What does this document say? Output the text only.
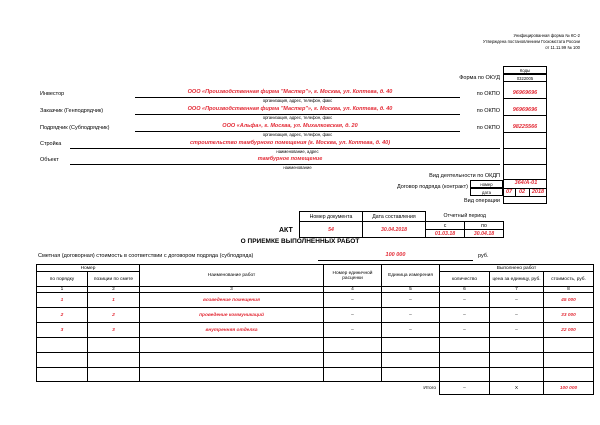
Унифицированная форма № КС-2
Утверждена постановлением Госкомстата России
от 11.11.99 № 100
Коды
Форма по ОКУД	0322005
Инвестор	ООО «Производственная фирма "Мастер"», г. Москва, ул. Коптева, д. 40
организация, адрес, телефон, факс
по ОКПО	96969696
Заказчик (Генподрядчик)	ООО «Производственная фирма "Мастер"», г. Москва, ул. Коптева, д. 40
организация, адрес, телефон, факс
по ОКПО	96969696
Подрядчик (Субподрядчик)	ООО «Альфа», г. Москва, ул. Михалковская, д. 20
организация, адрес, телефон, факс
по ОКПО	98225566
Стройка	строительство тамбурного помещения (г. Москва, ул. Коптева, д. 40)
наименование, адрес
Объект	тамбурное помещение
наименование
Вид деятельности по ОКДП
Договор подряда (контракт)	номер	364/А-01
дата	07	02	2018
Вид операции
Номер документа	Дата составления	Отчетный период	
54	30.04.2018	с	по
		01.03.18	30.04.18
АКТ
О ПРИЕМКЕ ВЫПОЛНЕННЫХ РАБОТ
Сметная (договорная) стоимость в соответствии с договором подряда (субподряда)	100 000	руб.
Номер		Наименование работ	Номер единичной расценки	Единица измерения	Выполнено работ		
по порядку	позиции по смете				количество	цена за единицу, руб.	стоимость, руб.
1	2	3	4	5	6	7	8
1	1	возведение помещения	–	–	–	–	45 000
2	2	проведение коммуникаций	–	–	–	–	33 000
3	3	внутренняя отделка	–	–	–	–	22 000

Итого					–	Х	100 000
